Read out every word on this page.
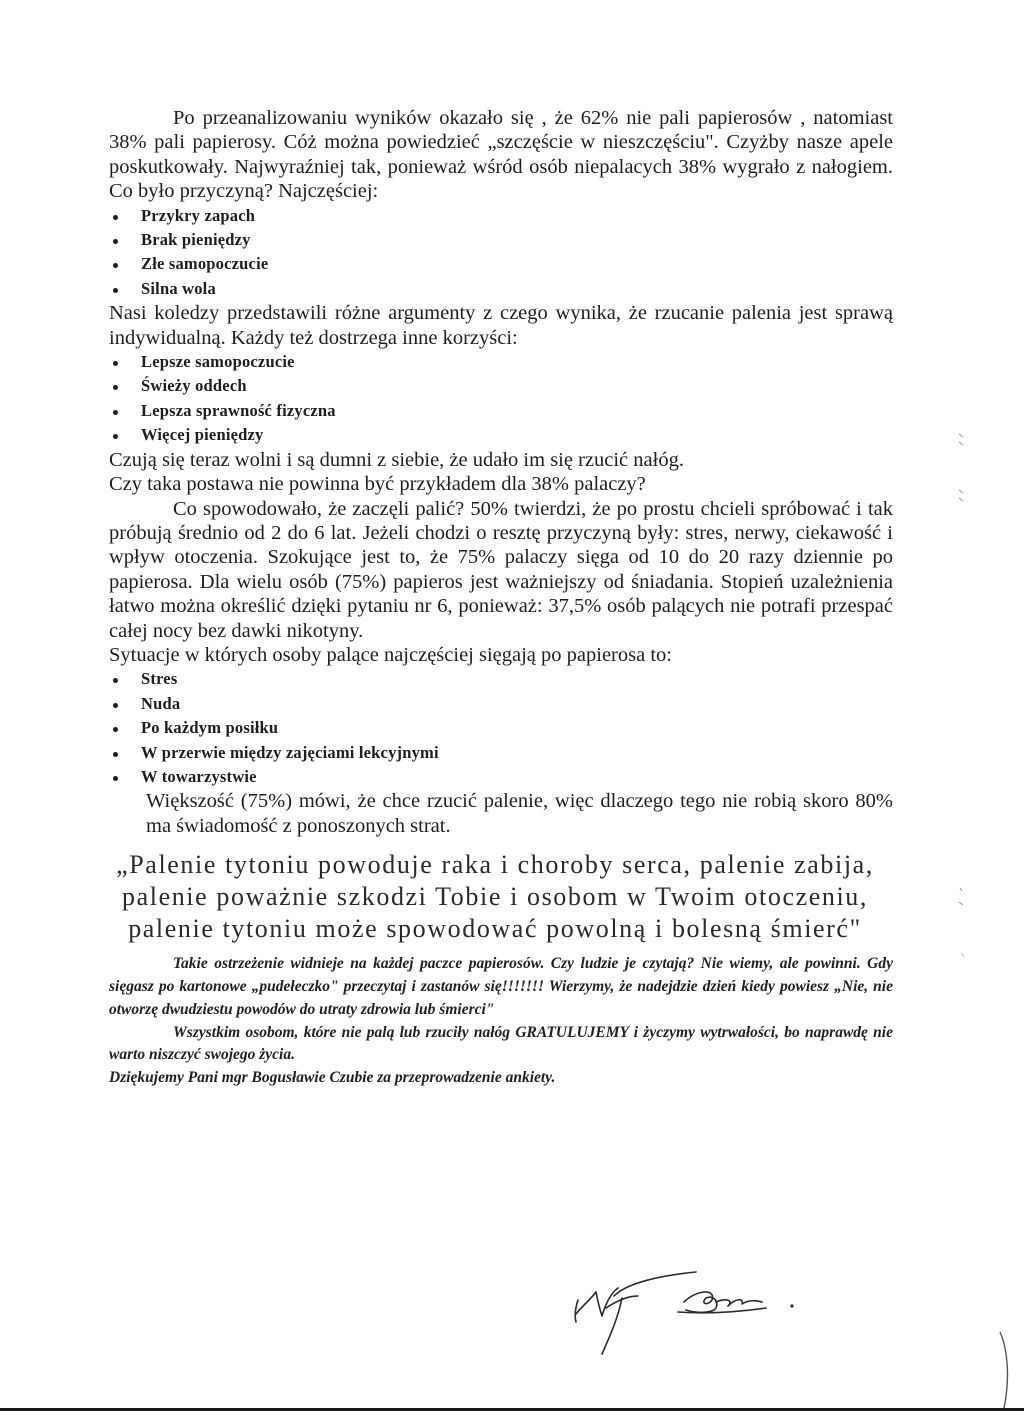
Po przeanalizowaniu wyników okazało się , że 62% nie pali papierosów , natomiast 38% pali papierosy. Cóż można powiedzieć „szczęście w nieszczęściu". Czyżby nasze apele poskutkowały. Najwyraźniej tak, ponieważ wśród osób niepalacych 38% wygrało z nałogiem. Co było przyczyną? Najczęściej:

Przykry zapach
Brak pieniędzy
Złe samopoczucie
Silna wola

Nasi koledzy przedstawili różne argumenty z czego wynika, że rzucanie palenia jest sprawą indywidualną. Każdy też dostrzega inne korzyści:

Lepsze samopoczucie
Świeży oddech
Lepsza sprawność fizyczna
Więcej pieniędzy

Czują się teraz wolni i są dumni z siebie, że udało im się rzucić nałóg.

Czy taka postawa nie powinna być przykładem dla 38% palaczy?

Co spowodowało, że zaczęli palić? 50% twierdzi, że po prostu chcieli spróbować i tak próbują średnio od 2 do 6 lat. Jeżeli chodzi o resztę przyczyną były: stres, nerwy, ciekawość i wpływ otoczenia. Szokujące jest to, że 75% palaczy sięga od 10 do 20 razy dziennie po papierosa. Dla wielu osób (75%) papieros jest ważniejszy od śniadania. Stopień uzależnienia łatwo można określić dzięki pytaniu nr 6, ponieważ: 37,5% osób palących nie potrafi przespać całej nocy bez dawki nikotyny.

Sytuacje w których osoby palące najczęściej sięgają po papierosa to:

Stres
Nuda
Po każdym posiłku
W przerwie między zajęciami lekcyjnymi
W towarzystwie

Większość (75%) mówi, że chce rzucić palenie, więc dlaczego tego nie robią skoro 80% ma świadomość z ponoszonych strat.

„Palenie tytoniu powoduje raka i choroby serca, palenie zabija, palenie poważnie szkodzi Tobie i osobom w Twoim otoczeniu, palenie tytoniu może spowodować powolną i bolesną śmierć"

Takie ostrzeżenie widnieje na każdej paczce papierosów. Czy ludzie je czytają? Nie wiemy, ale powinni. Gdy sięgasz po kartonowe „pudełeczko" przeczytaj i zastanów się!!!!!!! Wierzymy, że nadejdzie dzień kiedy powiesz „Nie, nie otworzę dwudziestu powodów do utraty zdrowia lub śmierci"

Wszystkim osobom, które nie palą lub rzuciły nałóg GRATULUJEMY i życzymy wytrwałości, bo naprawdę nie warto niszczyć swojego życia.

Dziękujemy Pani mgr Bogusławie Czubie za przeprowadzenie ankiety.
